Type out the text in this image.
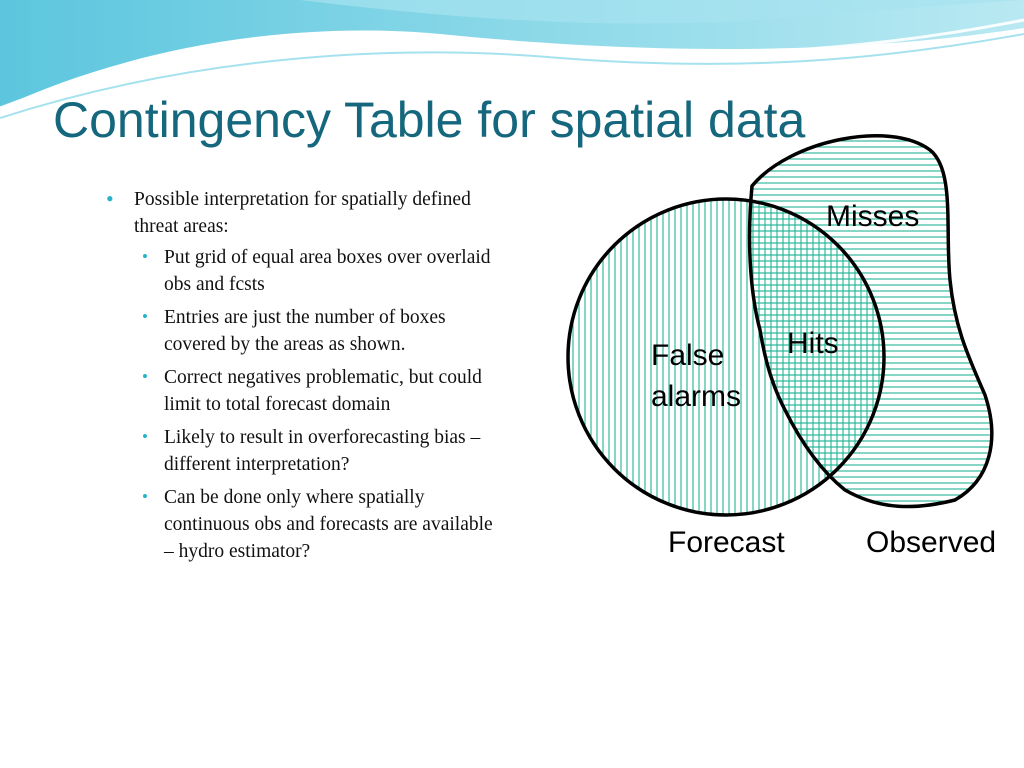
Contingency Table for spatial data
• Possible interpretation for spatially defined threat areas:
• Put grid of equal area boxes over overlaid obs and fcsts
• Entries are just the number of boxes covered by the areas as shown.
• Correct negatives problematic, but could limit to total forecast domain
• Likely to result in overforecasting bias – different interpretation?
• Can be done only where spatially continuous obs and forecasts are available – hydro estimator?
Misses
Hits
False
alarms
Forecast	Observed
